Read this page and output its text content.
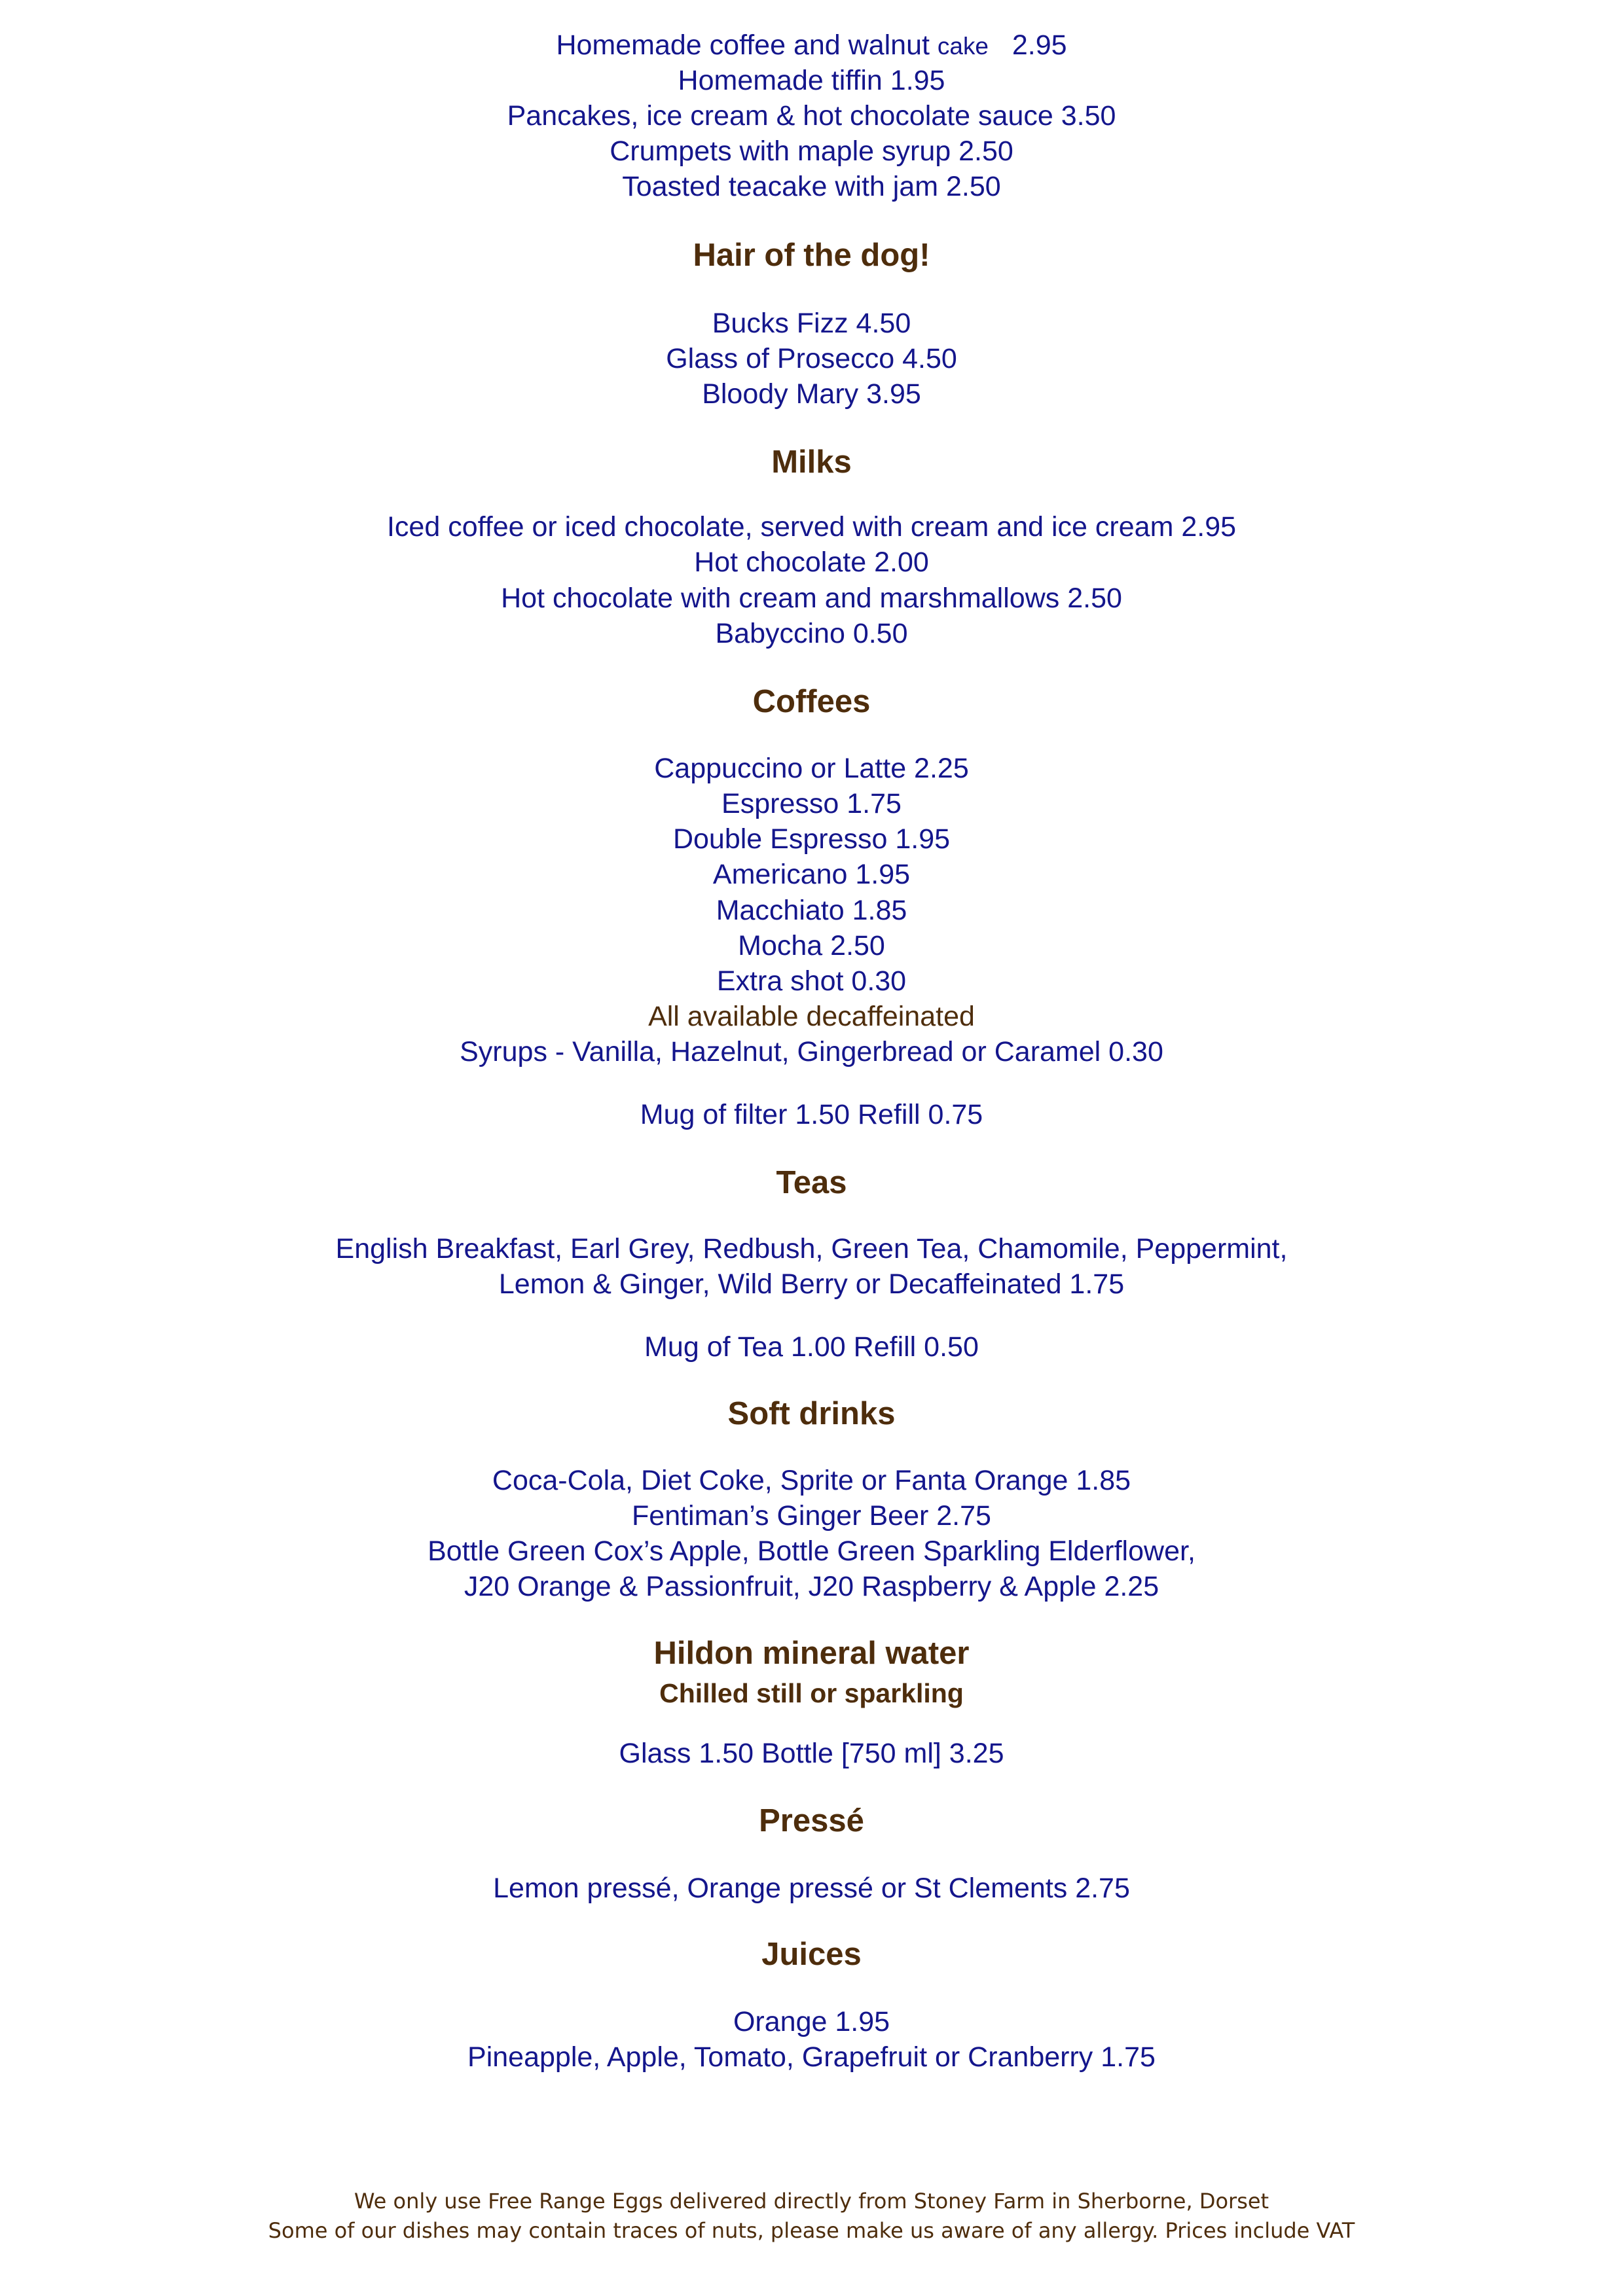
Homemade coffee and walnut cake 2.95
Homemade tiffin 1.95
Pancakes, ice cream & hot chocolate sauce 3.50
Crumpets with maple syrup 2.50
Toasted teacake with jam 2.50
Hair of the dog!
Bucks Fizz 4.50
Glass of Prosecco 4.50
Bloody Mary 3.95
Milks
Iced coffee or iced chocolate, served with cream and ice cream 2.95
Hot chocolate 2.00
Hot chocolate with cream and marshmallows 2.50
Babyccino 0.50
Coffees
Cappuccino or Latte 2.25
Espresso 1.75
Double Espresso 1.95
Americano 1.95
Macchiato 1.85
Mocha 2.50
Extra shot 0.30
All available decaffeinated
Syrups - Vanilla, Hazelnut, Gingerbread or Caramel 0.30
Mug of filter 1.50 Refill 0.75
Teas
English Breakfast, Earl Grey, Redbush, Green Tea, Chamomile, Peppermint,
Lemon & Ginger, Wild Berry or Decaffeinated 1.75
Mug of Tea 1.00 Refill 0.50
Soft drinks
Coca-Cola, Diet Coke, Sprite or Fanta Orange 1.85
Fentiman’s Ginger Beer 2.75
Bottle Green Cox’s Apple, Bottle Green Sparkling Elderflower,
J20 Orange & Passionfruit, J20 Raspberry & Apple 2.25
Hildon mineral water
Chilled still or sparkling
Glass 1.50 Bottle [750 ml] 3.25
Pressé
Lemon pressé, Orange pressé or St Clements 2.75
Juices
Orange 1.95
Pineapple, Apple, Tomato, Grapefruit or Cranberry 1.75
We only use Free Range Eggs delivered directly from Stoney Farm in Sherborne, Dorset
Some of our dishes may contain traces of nuts, please make us aware of any allergy. Prices include VAT
